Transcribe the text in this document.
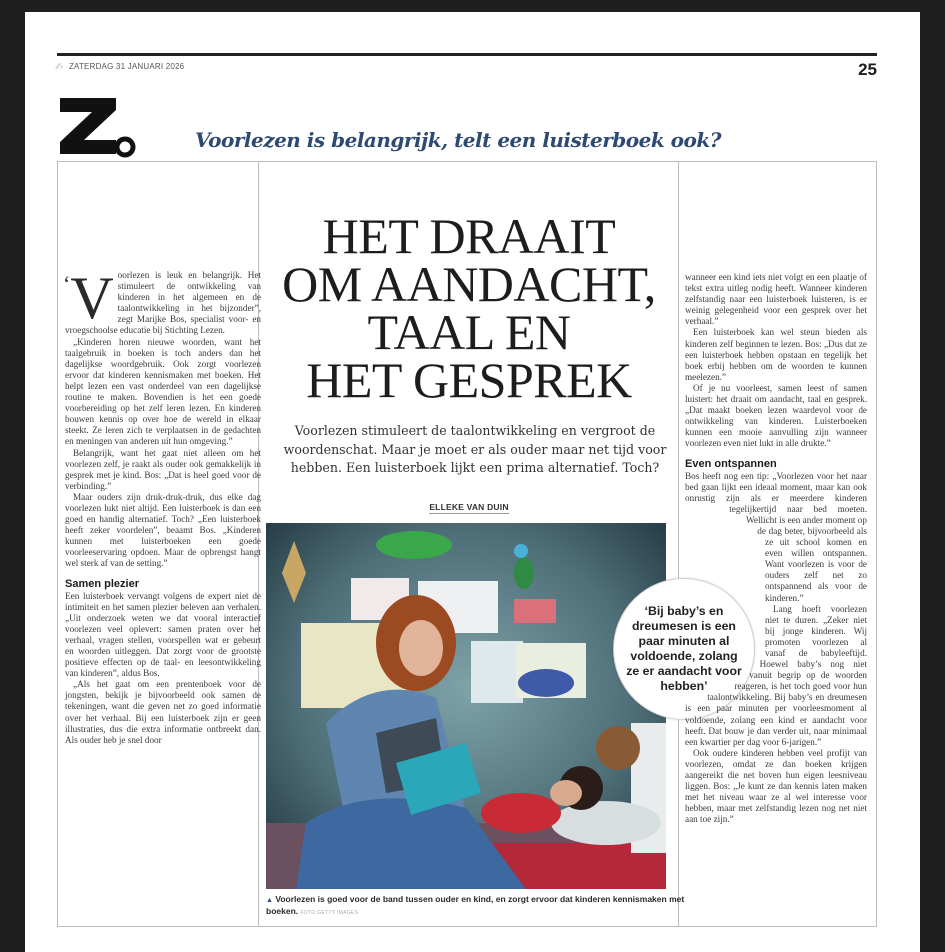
⁄⁄› ZATERDAG 31 JANUARI 2026	25
Voorlezen is belangrijk, telt een luisterboek ook?
‘V oorlezen is leuk en belangrijk. Het stimuleert de ontwikkeling van kinderen in het algemeen en de taalontwikkeling in het bijzonder”, zegt Marijke Bos, specialist voor- en vroegschoolse educatie bij Stichting Lezen.

„Kinderen horen nieuwe woorden, want het taalgebruik in boeken is toch anders dan het dagelijkse woordgebruik. Ook zorgt voorlezen ervoor dat kinderen kennismaken met boeken. Het helpt lezen een vast onderdeel van een dagelijkse routine te maken. Bovendien is het een goede voorbereiding op het zelf leren lezen. En kinderen bouwen kennis op over hoe de wereld in elkaar steekt. Ze leren zich te verplaatsen in de gedachten en meningen van anderen uit hun omgeving.”

Belangrijk, want het gaat niet alleen om het voorlezen zelf, je raakt als ouder ook gemakkelijk in gesprek met je kind. Bos: „Dat is heel goed voor de verbinding.”

Maar ouders zijn druk-druk-druk, dus elke dag voorlezen lukt niet altijd. Een luisterboek is dan een goed en handig alternatief. Toch? „Een luisterboek heeft zeker voordelen”, beaamt Bos. „Kinderen kunnen met luisterboeken een goede voorleeservaring opdoen. Maar de opbrengst hangt wel sterk af van de setting.”

Samen plezier

Een luisterboek vervangt volgens de expert niet de intimiteit en het samen plezier beleven aan verhalen. „Uit onderzoek weten we dat vooral interactief voorlezen veel oplevert: samen praten over het verhaal, vragen stellen, voorspellen wat er gebeurt en woorden uitleggen. Dat zorgt voor de grootste positieve effecten op de taal- en leesontwikkeling van kinderen”, aldus Bos.

„Als het gaat om een prentenboek voor de jongsten, bekijk je bijvoorbeeld ook samen de tekeningen, want die geven net zo goed informatie over het verhaal. Bij een luisterboek zijn er geen illustraties, dus die extra informatie ontbreekt dan. Als ouder heb je snel door

HET DRAAIT
OM AANDACHT,
TAAL EN
HET GESPREK
Voorlezen stimuleert de taalontwikkeling en vergroot de woordenschat. Maar je moet er als ouder maar net tijd voor hebben. Een luisterboek lijkt een prima alternatief. Toch?
ELLEKE VAN DUIN
‘Bij baby’s en dreumesen is een paar minuten al voldoende, zolang ze er aandacht voor hebben’
▲ Voorlezen is goed voor de band tussen ouder en kind, en zorgt ervoor dat kinderen kennismaken met boeken. FOTO GETTY IMAGES

wanneer een kind iets niet volgt en een plaatje of tekst extra uitleg nodig heeft. Wanneer kinderen zelfstandig naar een luisterboek luisteren, is er weinig gelegenheid voor een gesprek over het verhaal.”

Een luisterboek kan wel steun bieden als kinderen zelf beginnen te lezen. Bos: „Dus dat ze een luisterboek hebben opstaan en tegelijk het boek erbij hebben om de woorden te kunnen meelezen.”

Of je nu voorleest, samen leest of samen luistert: het draait om aandacht, taal en gesprek. „Dat maakt boeken lezen waardevol voor de ontwikkeling van kinderen. Luisterboeken kunnen een mooie aanvulling zijn wanneer voorlezen even niet lukt in alle drukte.”

Even ontspannen

Bos heeft nog een tip: „Voorlezen voor het naar bed gaan lijkt een ideaal moment, maar kan ook onrustig zijn als er meerdere kinderen tegelijkertijd naar bed moeten. Wellicht is een ander moment op de dag beter, bijvoorbeeld als ze uit school komen en even willen ontspannen. Want voorlezen is voor de ouders zelf net zo ontspannend als voor de kinderen.”

Lang hoeft voorlezen niet te duren. „Zeker niet bij jonge kinderen. Wij promoten voorlezen al vanaf de babyleeftijd. Hoewel baby’s nog niet vanuit begrip op de woorden reageren, is het toch goed voor hun taalontwikkeling. Bij baby’s en dreumesen is een paar minuten per voorleesmoment al voldoende, zolang een kind er aandacht voor heeft. Dat bouw je dan verder uit, naar minimaal een kwartier per dag voor 6-jarigen.”

Ook oudere kinderen hebben veel profijt van voorlezen, omdat ze dan boeken krijgen aangereikt die net boven hun eigen leesniveau liggen. Bos: „Je kunt ze dan kennis laten maken met het niveau waar ze al wel interesse voor hebben, maar met zelfstandig lezen nog net niet aan toe zijn.”
